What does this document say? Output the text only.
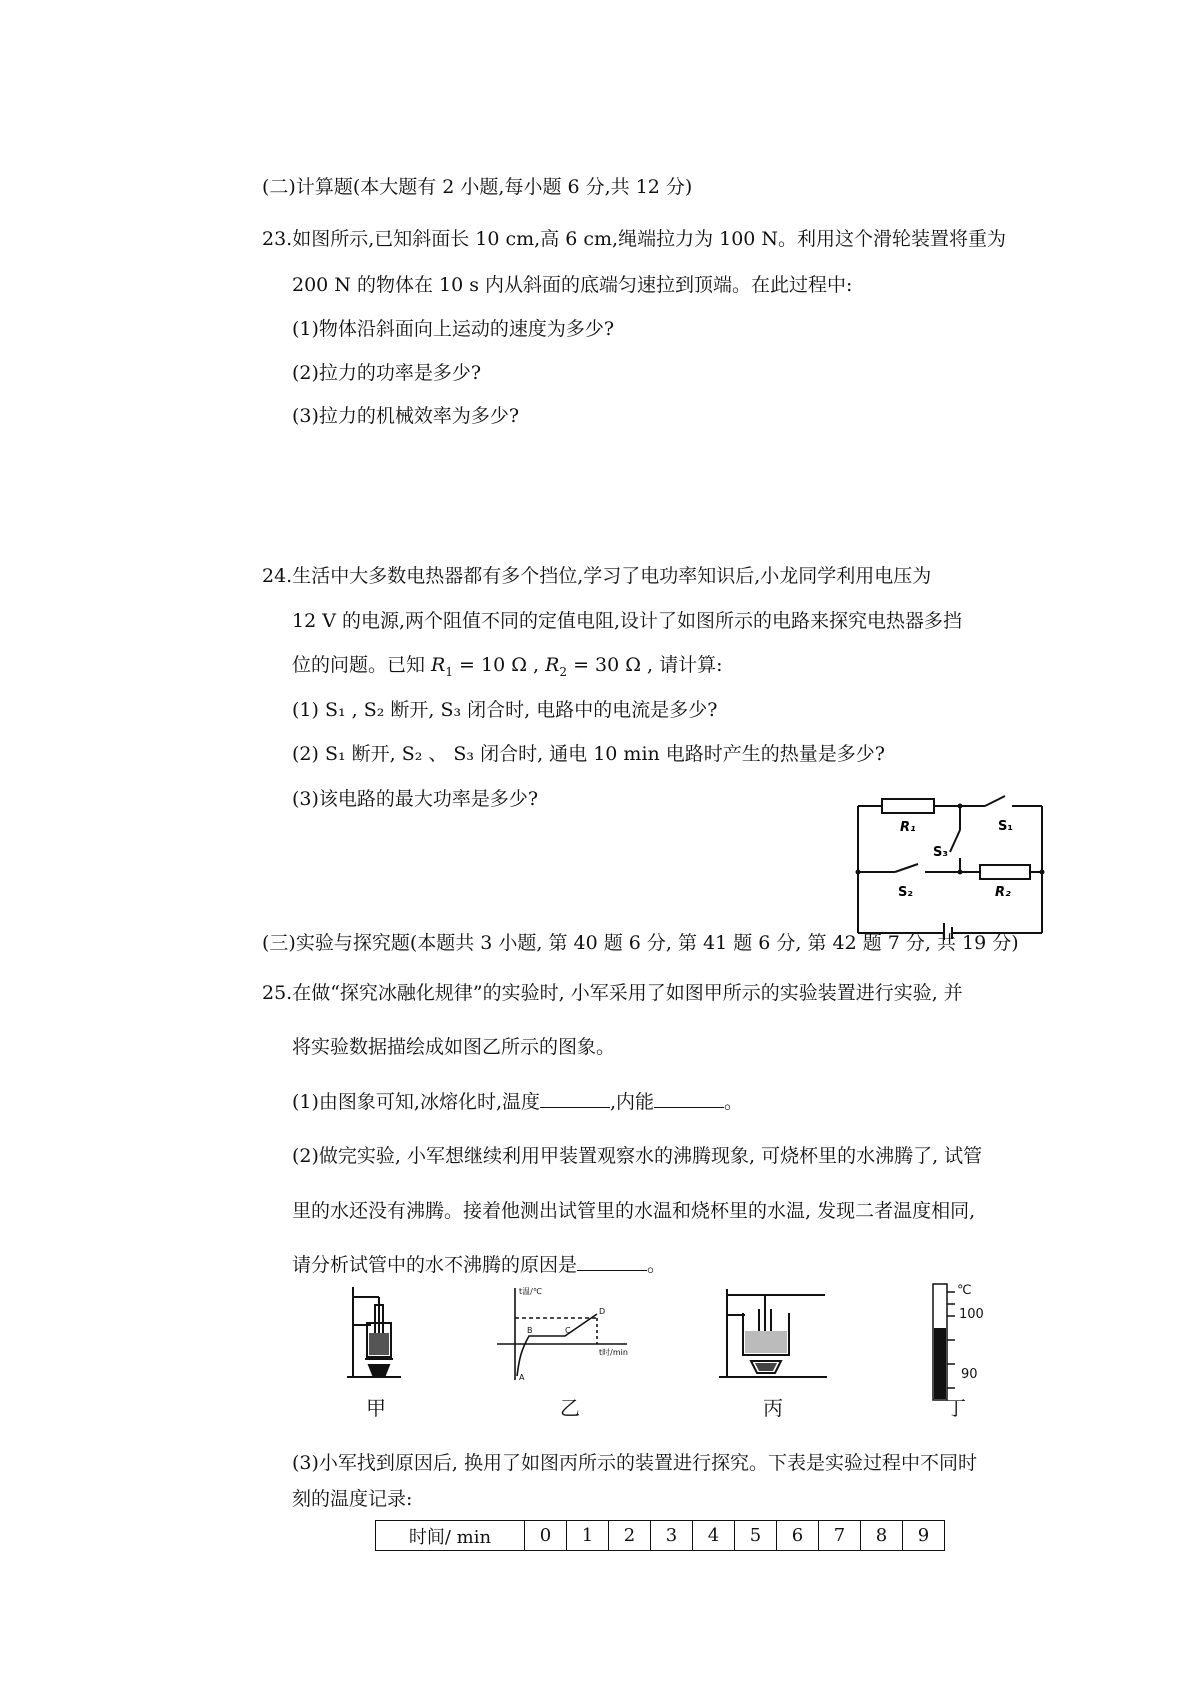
(二)计算题(本大题有 2 小题,每小题 6 分,共 12 分)
23.如图所示,已知斜面长 10 cm,高 6 cm,绳端拉力为 100 N。利用这个滑轮装置将重为
200 N 的物体在 10 s 内从斜面的底端匀速拉到顶端。在此过程中:
(1)物体沿斜面向上运动的速度为多少?
(2)拉力的功率是多少?
(3)拉力的机械效率为多少?
24.生活中大多数电热器都有多个挡位,学习了电功率知识后,小龙同学利用电压为
12 V 的电源,两个阻值不同的定值电阻,设计了如图所示的电路来探究电热器多挡
位的问题。已知 $R_1 = 10$ Ω , $R_2 = 30$ Ω , 请计算:
(1) S₁ , S₂ 断开, S₃ 闭合时, 电路中的电流是多少?
(2) S₁ 断开, S₂ 、 S₃ 闭合时, 通电 10 min 电路时产生的热量是多少?
(3)该电路的最大功率是多少?
R₁	S₁
S₃
S₂	R₂
(三)实验与探究题(本题共 3 小题, 第 40 题 6 分, 第 41 题 6 分, 第 42 题 7 分, 共 19 分)
25.在做“探究冰融化规律”的实验时, 小军采用了如图甲所示的实验装置进行实验, 并
将实验数据描绘成如图乙所示的图象。
(1)由图象可知,冰熔化时,温度	,内能	。
(2)做完实验, 小军想继续利用甲装置观察水的沸腾现象, 可烧杯里的水沸腾了, 试管
里的水还没有沸腾。接着他测出试管里的水温和烧杯里的水温, 发现二者温度相同,
请分析试管中的水不沸腾的原因是	。
t温/℃
t时/min
A
B	C
D
℃
100
90
甲	乙	丙	丁
(3)小军找到原因后, 换用了如图丙所示的装置进行探究。下表是实验过程中不同时
刻的温度记录:
时间/ min	0	1	2	3	4	5	6	7	8	9
